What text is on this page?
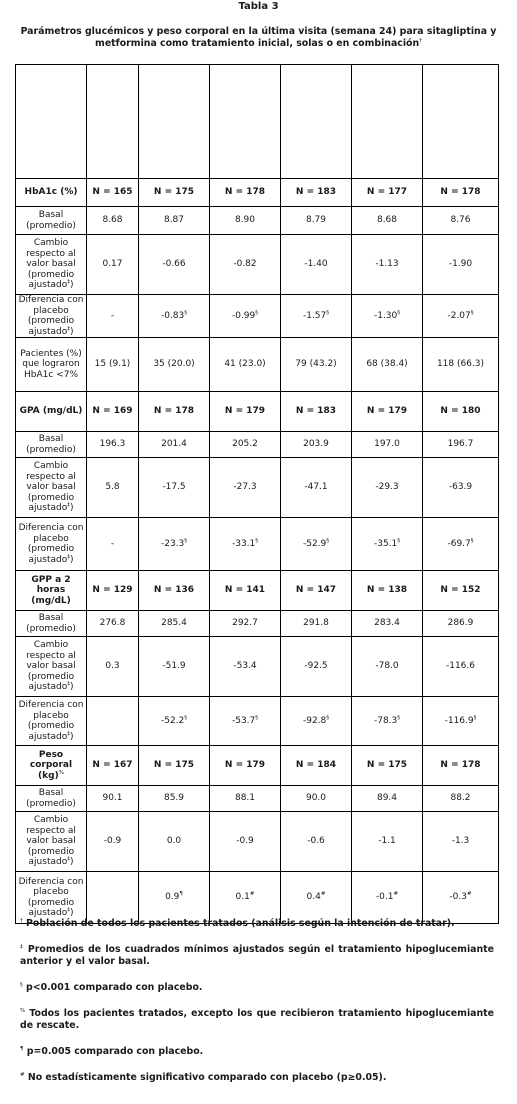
Tabla 3
Parámetros glucémicos y peso corporal en la última visita (semana 24) para sitagliptina y metformina como tratamiento inicial, solas o en combinación†

HbA1c (%)	N = 165	N = 175	N = 178	N = 183	N = 177	N = 178
Basal (promedio)	8.68	8.87	8.90	8.79	8.68	8.76
Cambio respecto al valor basal (promedio ajustado‡)	0.17	-0.66	-0.82	-1.40	-1.13	-1.90
Diferencia con placebo (promedio ajustado‡)	-	-0.83§	-0.99§	-1.57§	-1.30§	-2.07§
Pacientes (%) que lograron HbA1c <7%	15 (9.1)	35 (20.0)	41 (23.0)	79 (43.2)	68 (38.4)	118 (66.3)
GPA (mg/dL)	N = 169	N = 178	N = 179	N = 183	N = 179	N = 180
Basal (promedio)	196.3	201.4	205.2	203.9	197.0	196.7
Cambio respecto al valor basal (promedio ajustado‡)	5.8	-17.5	-27.3	-47.1	-29.3	-63.9
Diferencia con placebo (promedio ajustado‡)	-	-23.3§	-33.1§	-52.9§	-35.1§	-69.7§
GPP a 2 horas (mg/dL)	N = 129	N = 136	N = 141	N = 147	N = 138	N = 152
Basal (promedio)	276.8	285.4	292.7	291.8	283.4	286.9
Cambio respecto al valor basal (promedio ajustado‡)	0.3	-51.9	-53.4	-92.5	-78.0	-116.6
Diferencia con placebo (promedio ajustado‡)		-52.2§	-53.7§	-92.8§	-78.3§	-116.9§
Peso corporal (kg)%	N = 167	N = 175	N = 179	N = 184	N = 175	N = 178
Basal (promedio)	90.1	85.9	88.1	90.0	89.4	88.2
Cambio respecto al valor basal (promedio ajustado‡)	-0.9	0.0	-0.9	-0.6	-1.1	-1.3
Diferencia con placebo (promedio ajustado‡)		0.9¶	0.1#	0.4#	-0.1#	-0.3#

† Población de todos los pacientes tratados (análisis según la intención de tratar).

‡ Promedios de los cuadrados mínimos ajustados según el tratamiento hipoglucemiante anterior y el valor basal.

§ p<0.001 comparado con placebo.

% Todos los pacientes tratados, excepto los que recibieron tratamiento hipoglucemiante de rescate.

¶ p=0.005 comparado con placebo.

# No estadísticamente significativo comparado con placebo (p≥0.05).
